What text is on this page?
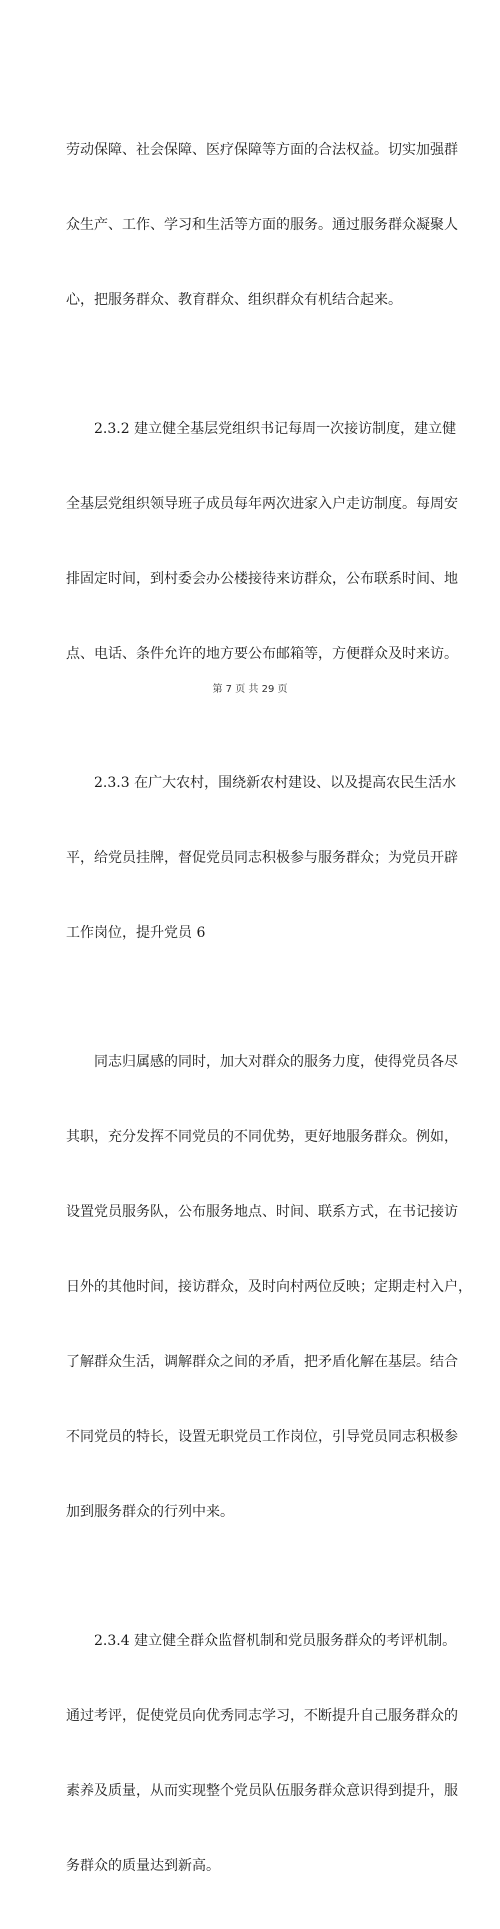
劳动保障、社会保障、医疗保障等方面的合法权益。切实加强群

众生产、工作、学习和生活等方面的服务。通过服务群众凝聚人

心，把服务群众、教育群众、组织群众有机结合起来。

2.3.2 建立健全基层党组织书记每周一次接访制度，建立健

全基层党组织领导班子成员每年两次进家入户走访制度。每周安

排固定时间，到村委会办公楼接待来访群众，公布联系时间、地

点、电话、条件允许的地方要公布邮箱等，方便群众及时来访。

2.3.3 在广大农村，围绕新农村建设、以及提高农民生活水

平，给党员挂牌，督促党员同志积极参与服务群众；为党员开辟

工作岗位，提升党员 6

同志归属感的同时，加大对群众的服务力度，使得党员各尽

其职，充分发挥不同党员的不同优势，更好地服务群众。例如，

设置党员服务队，公布服务地点、时间、联系方式，在书记接访

日外的其他时间，接访群众，及时向村两位反映；定期走村入户，

了解群众生活，调解群众之间的矛盾，把矛盾化解在基层。结合

不同党员的特长，设置无职党员工作岗位，引导党员同志积极参

加到服务群众的行列中来。

2.3.4 建立健全群众监督机制和党员服务群众的考评机制。

通过考评，促使党员向优秀同志学习，不断提升自己服务群众的

素养及质量，从而实现整个党员队伍服务群众意识得到提升，服

务群众的质量达到新高。

第 7 页 共 29 页
